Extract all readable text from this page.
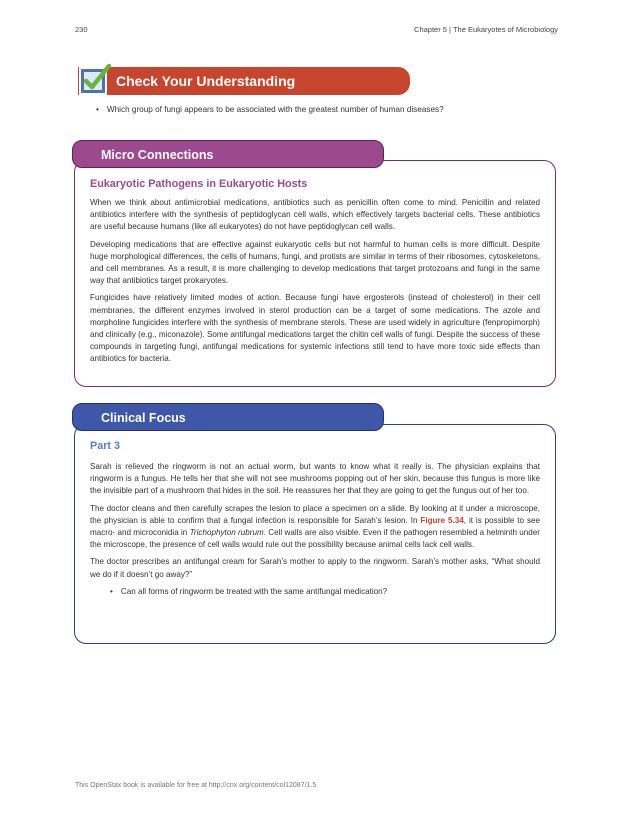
230	Chapter 5 | The Eukaryotes of Microbiology
Check Your Understanding
• Which group of fungi appears to be associated with the greatest number of human diseases?
Micro Connections
Eukaryotic Pathogens in Eukaryotic Hosts

When we think about antimicrobial medications, antibiotics such as penicillin often come to mind. Penicillin and related antibiotics interfere with the synthesis of peptidoglycan cell walls, which effectively targets bacterial cells. These antibiotics are useful because humans (like all eukaryotes) do not have peptidoglycan cell walls.

Developing medications that are effective against eukaryotic cells but not harmful to human cells is more difficult. Despite huge morphological differences, the cells of humans, fungi, and protists are similar in terms of their ribosomes, cytoskeletons, and cell membranes. As a result, it is more challenging to develop medications that target protozoans and fungi in the same way that antibiotics target prokaryotes.

Fungicides have relatively limited modes of action. Because fungi have ergosterols (instead of cholesterol) in their cell membranes, the different enzymes involved in sterol production can be a target of some medications. The azole and morpholine fungicides interfere with the synthesis of membrane sterols. These are used widely in agriculture (fenpropimorph) and clinically (e.g., miconazole). Some antifungal medications target the chitin cell walls of fungi. Despite the success of these compounds in targeting fungi, antifungal medications for systemic infections still tend to have more toxic side effects than antibiotics for bacteria.

Clinical Focus
Part 3

Sarah is relieved the ringworm is not an actual worm, but wants to know what it really is. The physician explains that ringworm is a fungus. He tells her that she will not see mushrooms popping out of her skin, because this fungus is more like the invisible part of a mushroom that hides in the soil. He reassures her that they are going to get the fungus out of her too.

The doctor cleans and then carefully scrapes the lesion to place a specimen on a slide. By looking at it under a microscope, the physician is able to confirm that a fungal infection is responsible for Sarah’s lesion. In Figure 5.34, it is possible to see macro- and microconidia in Trichophyton rubrum. Cell walls are also visible. Even if the pathogen resembled a helminth under the microscope, the presence of cell walls would rule out the possibility because animal cells lack cell walls.

The doctor prescribes an antifungal cream for Sarah’s mother to apply to the ringworm. Sarah’s mother asks, “What should we do if it doesn’t go away?”

• Can all forms of ringworm be treated with the same antifungal medication?
This OpenStax book is available for free at http://cnx.org/content/col12087/1.5
